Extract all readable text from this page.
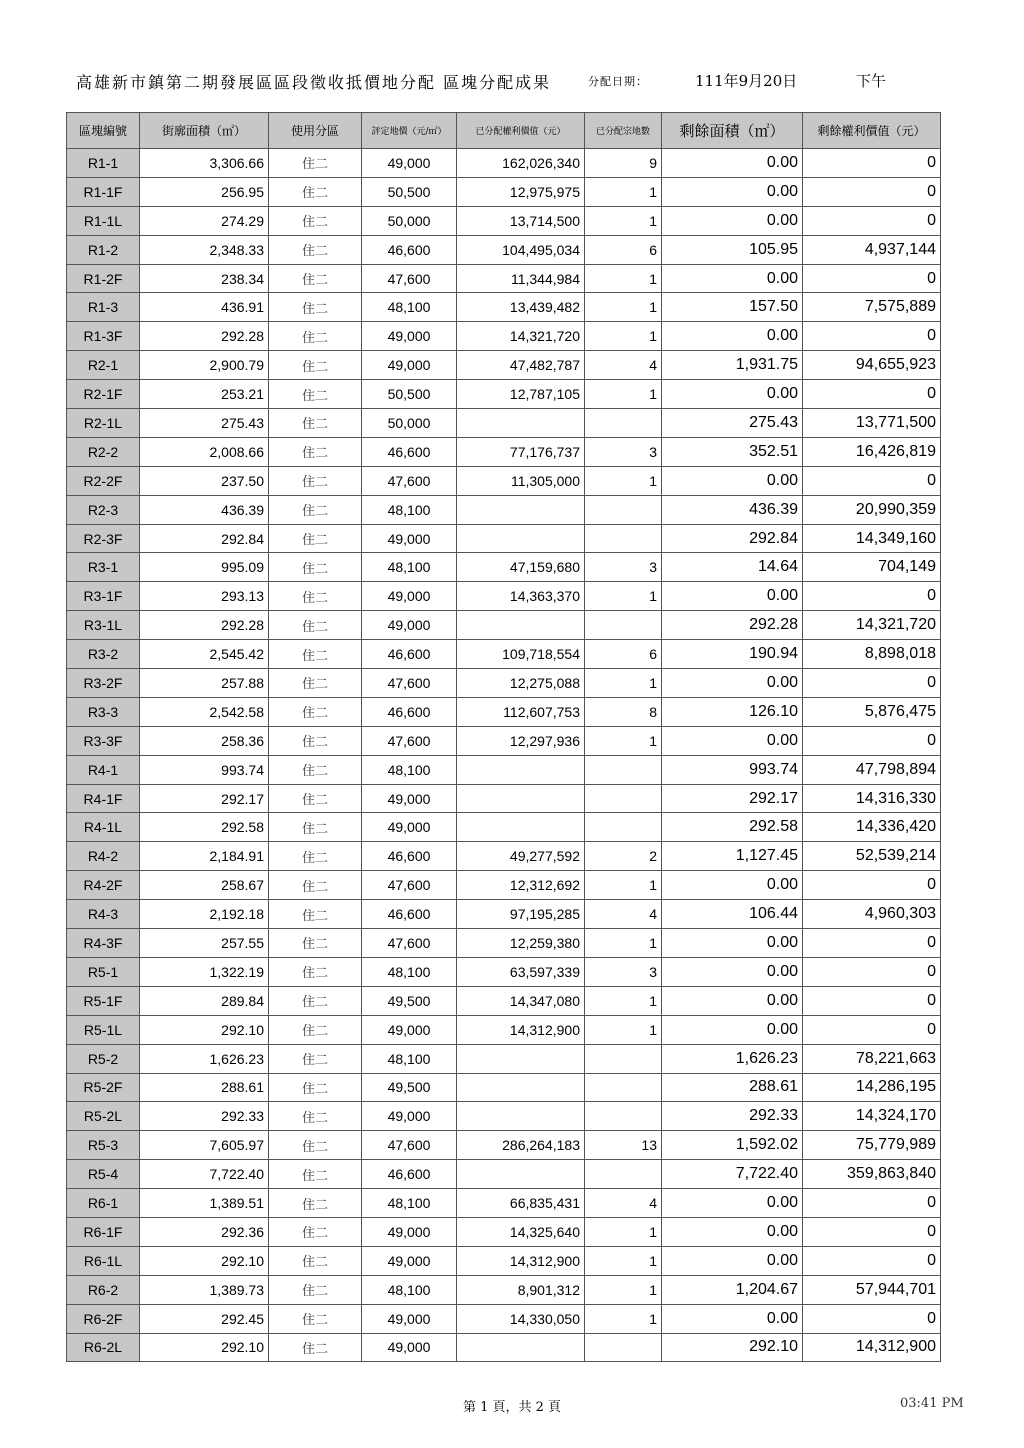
高雄新市鎮第二期發展區區段徵收抵價地分配 區塊分配成果	分配日期：	111年9月20日	下午
區塊編號	街廓面積（㎡）	使用分區	評定地價（元/㎡）	已分配權利價值（元）	已分配宗地數	剩餘面積（㎡）	剩餘權利價值（元）
R1-1	3,306.66	住二	49,000	162,026,340	9	0.00	0
R1-1F	256.95	住二	50,500	12,975,975	1	0.00	0
R1-1L	274.29	住二	50,000	13,714,500	1	0.00	0
R1-2	2,348.33	住二	46,600	104,495,034	6	105.95	4,937,144
R1-2F	238.34	住二	47,600	11,344,984	1	0.00	0
R1-3	436.91	住二	48,100	13,439,482	1	157.50	7,575,889
R1-3F	292.28	住二	49,000	14,321,720	1	0.00	0
R2-1	2,900.79	住二	49,000	47,482,787	4	1,931.75	94,655,923
R2-1F	253.21	住二	50,500	12,787,105	1	0.00	0
R2-1L	275.43	住二	50,000			275.43	13,771,500
R2-2	2,008.66	住二	46,600	77,176,737	3	352.51	16,426,819
R2-2F	237.50	住二	47,600	11,305,000	1	0.00	0
R2-3	436.39	住二	48,100			436.39	20,990,359
R2-3F	292.84	住二	49,000			292.84	14,349,160
R3-1	995.09	住二	48,100	47,159,680	3	14.64	704,149
R3-1F	293.13	住二	49,000	14,363,370	1	0.00	0
R3-1L	292.28	住二	49,000			292.28	14,321,720
R3-2	2,545.42	住二	46,600	109,718,554	6	190.94	8,898,018
R3-2F	257.88	住二	47,600	12,275,088	1	0.00	0
R3-3	2,542.58	住二	46,600	112,607,753	8	126.10	5,876,475
R3-3F	258.36	住二	47,600	12,297,936	1	0.00	0
R4-1	993.74	住二	48,100			993.74	47,798,894
R4-1F	292.17	住二	49,000			292.17	14,316,330
R4-1L	292.58	住二	49,000			292.58	14,336,420
R4-2	2,184.91	住二	46,600	49,277,592	2	1,127.45	52,539,214
R4-2F	258.67	住二	47,600	12,312,692	1	0.00	0
R4-3	2,192.18	住二	46,600	97,195,285	4	106.44	4,960,303
R4-3F	257.55	住二	47,600	12,259,380	1	0.00	0
R5-1	1,322.19	住二	48,100	63,597,339	3	0.00	0
R5-1F	289.84	住二	49,500	14,347,080	1	0.00	0
R5-1L	292.10	住二	49,000	14,312,900	1	0.00	0
R5-2	1,626.23	住二	48,100			1,626.23	78,221,663
R5-2F	288.61	住二	49,500			288.61	14,286,195
R5-2L	292.33	住二	49,000			292.33	14,324,170
R5-3	7,605.97	住二	47,600	286,264,183	13	1,592.02	75,779,989
R5-4	7,722.40	住二	46,600			7,722.40	359,863,840
R6-1	1,389.51	住二	48,100	66,835,431	4	0.00	0
R6-1F	292.36	住二	49,000	14,325,640	1	0.00	0
R6-1L	292.10	住二	49,000	14,312,900	1	0.00	0
R6-2	1,389.73	住二	48,100	8,901,312	1	1,204.67	57,944,701
R6-2F	292.45	住二	49,000	14,330,050	1	0.00	0
R6-2L	292.10	住二	49,000			292.10	14,312,900
第 1 頁，共 2 頁	03:41 PM
